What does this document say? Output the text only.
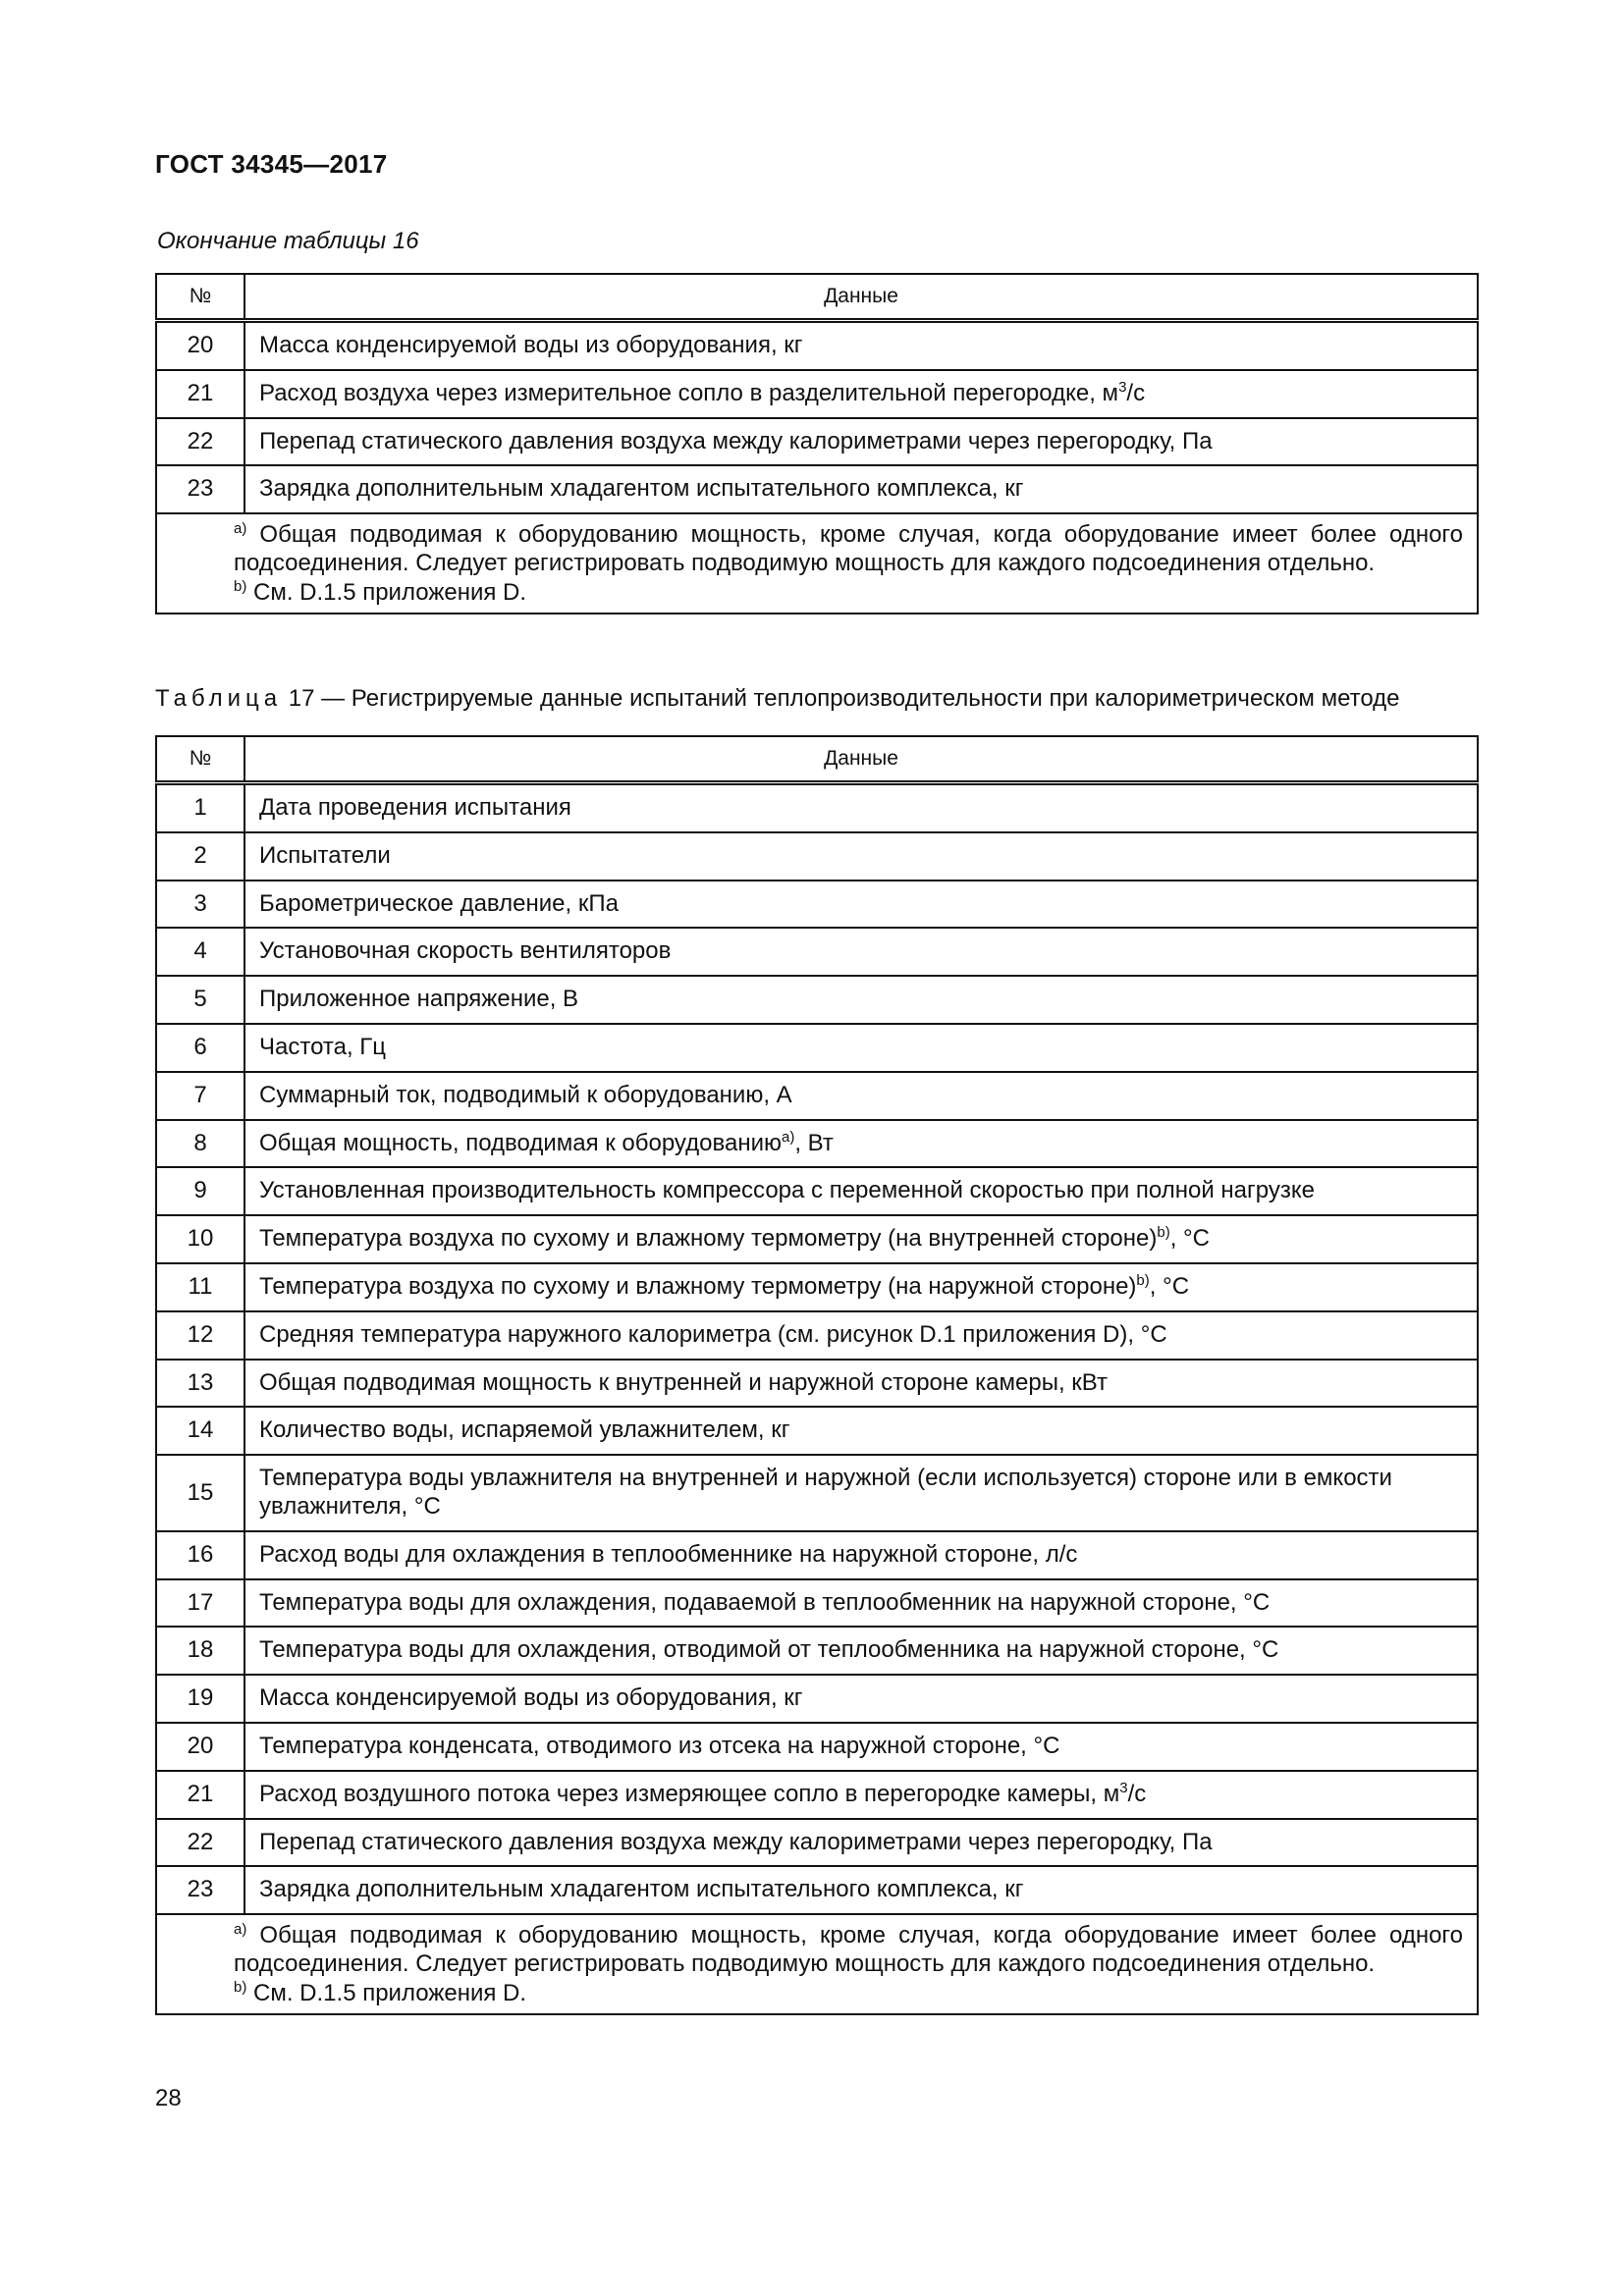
ГОСТ 34345—2017
Окончание таблицы 16
№	Данные
20	Масса конденсируемой воды из оборудования, кг
21	Расход воздуха через измерительное сопло в разделительной перегородке, $м^3/с$
22	Перепад статического давления воздуха между калориметрами через перегородку, Па
23	Зарядка дополнительным хладагентом испытательного комплекса, кг

$^{a)}$ Общая подводимая к оборудованию мощность, кроме случая, когда оборудование имеет более одного подсоединения. Следует регистрировать подводимую мощность для каждого подсоединения отдельно.
$^{b)}$ См. D.1.5 приложения D.	
Таблица 17 — Регистрируемые данные испытаний теплопроизводительности при калориметрическом методе
№	Данные
1	Дата проведения испытания
2	Испытатели
3	Барометрическое давление, кПа
4	Установочная скорость вентиляторов
5	Приложенное напряжение, В
6	Частота, Гц
7	Суммарный ток, подводимый к оборудованию, А
8	Общая мощность, подводимая к оборудованию$^{a)}$, Вт
9	Установленная производительность компрессора с переменной скоростью при полной нагрузке
10	Температура воздуха по сухому и влажному термометру (на внутренней стороне)$^{b)}$, °C
11	Температура воздуха по сухому и влажному термометру (на наружной стороне)$^{b)}$, °C
12	Средняя температура наружного калориметра (см. рисунок D.1 приложения D), °C
13	Общая подводимая мощность к внутренней и наружной стороне камеры, кВт
14	Количество воды, испаряемой увлажнителем, кг
15	Температура воды увлажнителя на внутренней и наружной (если используется) стороне или в емкости увлажнителя, °C
16	Расход воды для охлаждения в теплообменнике на наружной стороне, л/с
17	Температура воды для охлаждения, подаваемой в теплообменник на наружной стороне, °C
18	Температура воды для охлаждения, отводимой от теплообменника на наружной стороне, °C
19	Масса конденсируемой воды из оборудования, кг
20	Температура конденсата, отводимого из отсека на наружной стороне, °C
21	Расход воздушного потока через измеряющее сопло в перегородке камеры, $м^3/с$
22	Перепад статического давления воздуха между калориметрами через перегородку, Па
23	Зарядка дополнительным хладагентом испытательного комплекса, кг

$^{a)}$ Общая подводимая к оборудованию мощность, кроме случая, когда оборудование имеет более одного подсоединения. Следует регистрировать подводимую мощность для каждого подсоединения отдельно.
$^{b)}$ См. D.1.5 приложения D.	
28
